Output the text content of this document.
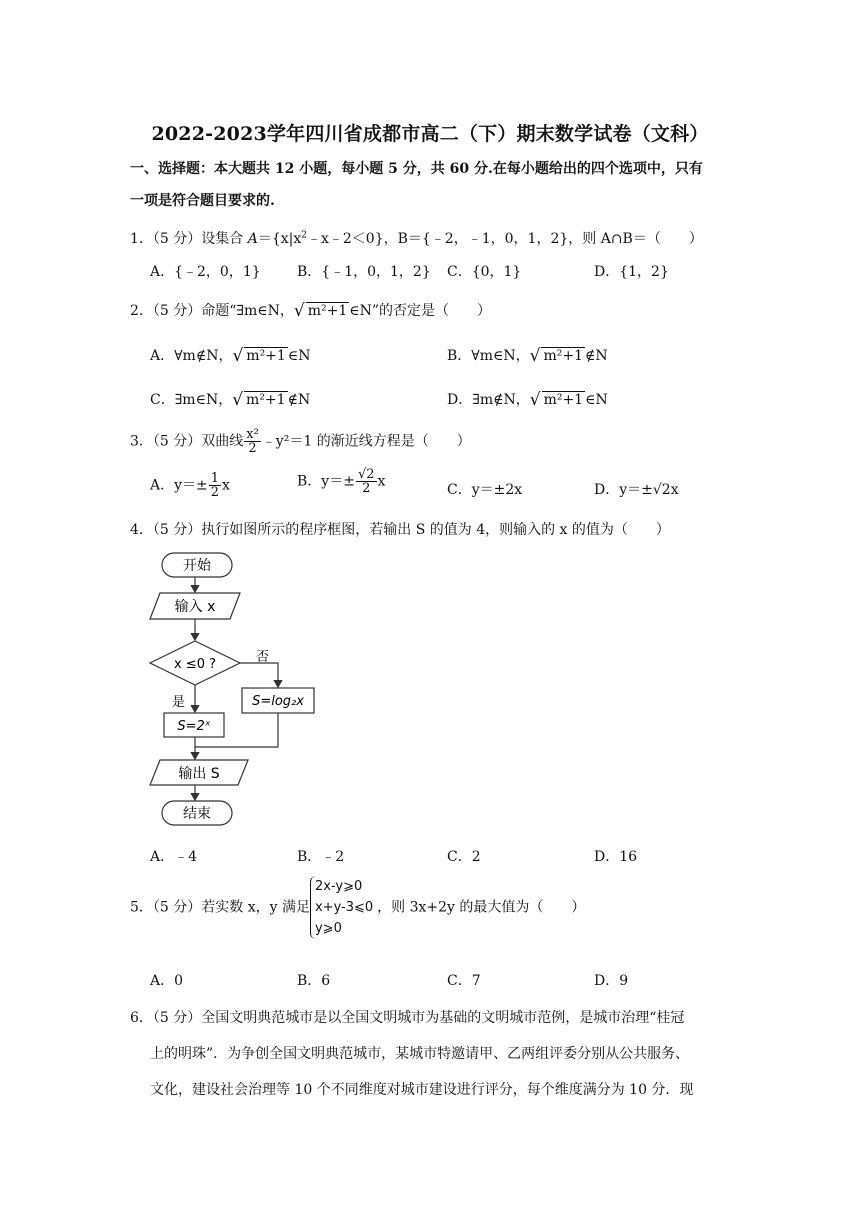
2022-2023学年四川省成都市高二（下）期末数学试卷（文科）
一、选择题：本大题共 12 小题，每小题 5 分，共 60 分.在每小题给出的四个选项中，只有
一项是符合题目要求的.
1．（5 分）设集合 $A=\{x|x^2﹣x﹣2<0\}$，B＝{﹣2，﹣1，0，1，2}，则 A∩B＝（　　）
A．{﹣2，0，1}	B．{﹣1，0，1，2} C．{0，1}	D．{1，2}
2．（5 分）命题“∃m∈N，√ m²+1 ∈N”的否定是（　　）
A．∀m∉N，√ m²+1 ∈N	B．∀m∈N，√ m²+1 ∉N
C．∃m∈N，√ m²+1 ∉N	D．∃m∉N，√ m²+1 ∈N
3．（5 分）双曲线 $\frac{\text{x²}}{2}$ ﹣y²＝1 的渐近线方程是（　　）
A．$y=\pm \frac{1}{2}$ x	B．$y=\pm \frac{√2}{2}$ x
C．y＝±2x	D．y＝±√2x
4．（5 分）执行如图所示的程序框图，若输出 S 的值为 4，则输入的 x 的值为（　　）
开始
输入 x
x ≤0 ?	否
是	S=log₂x
S=2ˣ
输出 S
结束
A．﹣4	B．﹣2	C．2	D．16
5．（5 分）若实数 x，y 满足
2x-y⩾0
x+y-3⩽0
y⩾0
，则 3x+2y 的最大值为（　　）
A．0	B．6	C．7	D．9
6．（5 分）全国文明典范城市是以全国文明城市为基础的文明城市范例，是城市治理“桂冠
上的明珠”．为争创全国文明典范城市，某城市特邀请甲、乙两组评委分别从公共服务、
文化，建设社会治理等 10 个不同维度对城市建设进行评分，每个维度满分为 10 分．现
